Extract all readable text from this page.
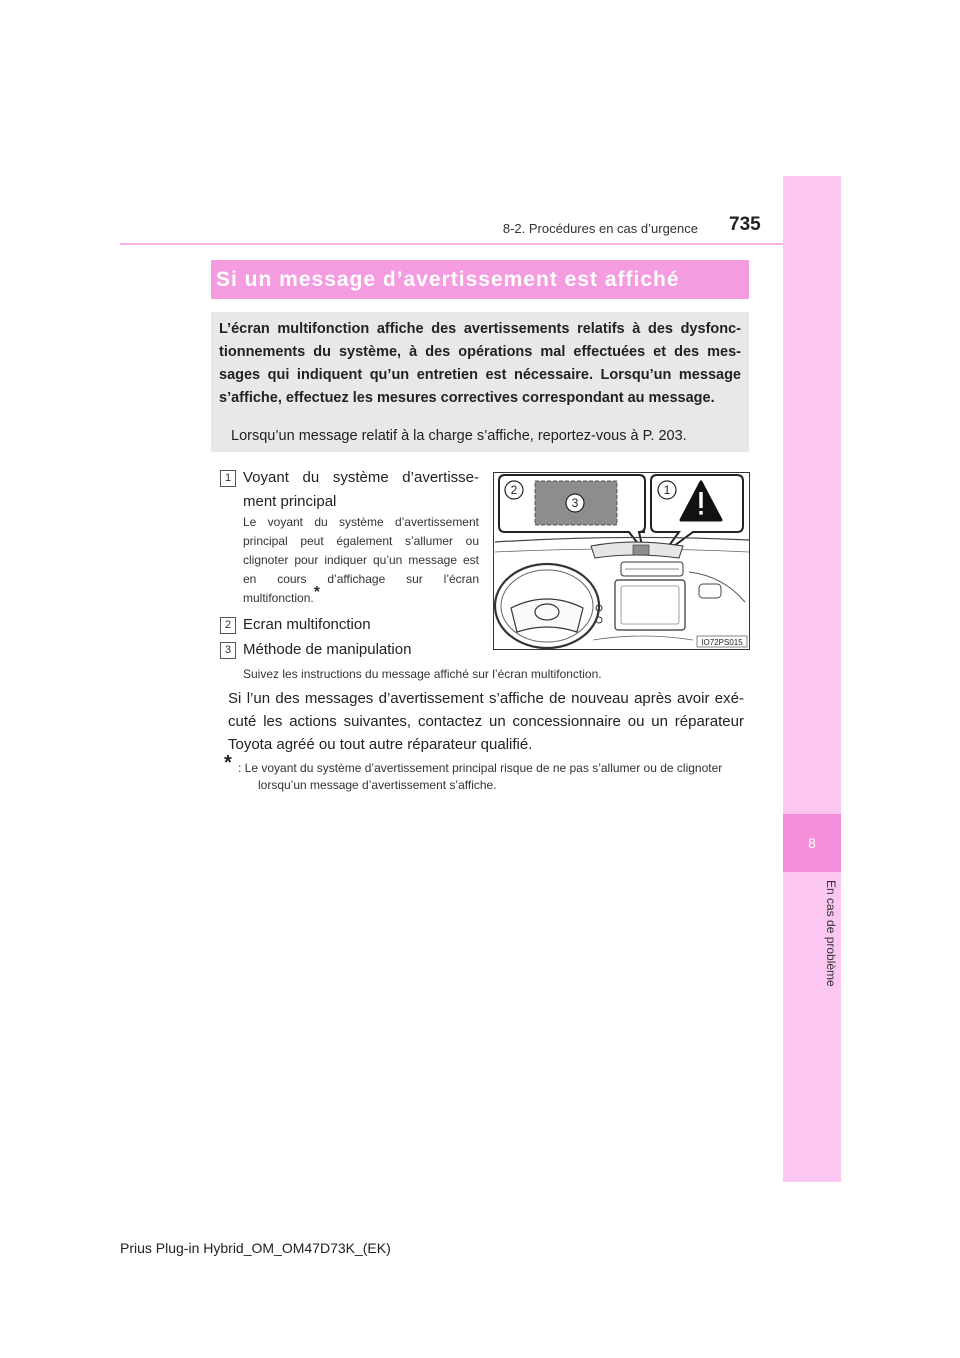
8
En cas de problème
8-2. Procédures en cas d’urgence 735
Si un message d’avertissement est affiché
L’écran multifonction affiche des avertissements relatifs à des dysfonc-tionnements du système, à des opérations mal effectuées et des mes-sages qui indiquent qu’un entretien est nécessaire. Lorsqu’un message s’affiche, effectuez les mesures correctives correspondant au message.
Lorsqu’un message relatif à la charge s’affiche, reportez-vous à P. 203.
1 Voyant du système d’avertisse-ment principal
Le voyant du système d’avertissement principal peut également s’allumer ou clignoter pour indiquer qu’un message est en cours d’affichage sur l’écran multifonction.*
2 Ecran multifonction
3 Méthode de manipulation
Suivez les instructions du message affiché sur l’écran multifonction.
Si l’un des messages d’avertissement s’affiche de nouveau après avoir exé-cuté les actions suivantes, contactez un concessionnaire ou un réparateur Toyota agréé ou tout autre réparateur qualifié.
* : Le voyant du système d’avertissement principal risque de ne pas s’allumer ou de clignoter lorsqu’un message d’avertissement s’affiche.
3
2	1
IO72PS015
Prius Plug-in Hybrid_OM_OM47D73K_(EK)
